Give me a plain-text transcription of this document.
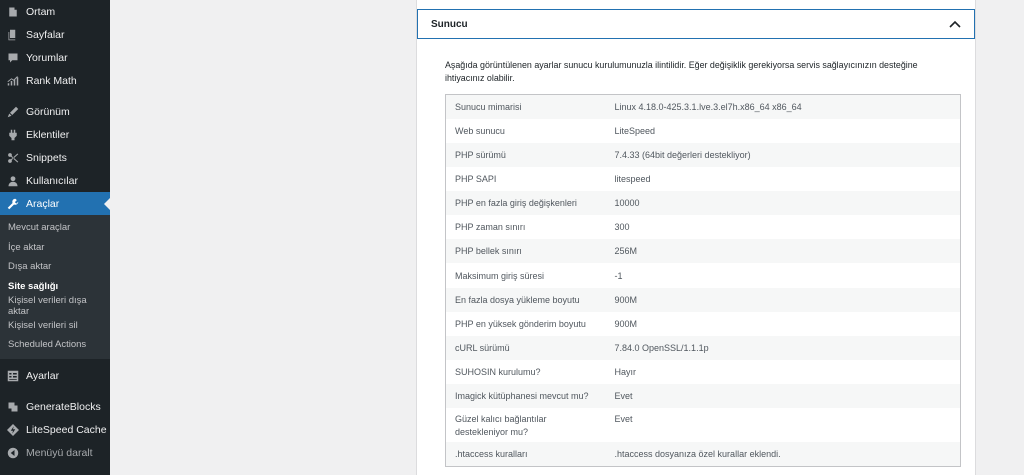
Ortam
Sayfalar
Yorumlar
Rank Math
Görünüm
Eklentiler
Snippets
Kullanıcılar
Araçlar
Mevcut araçlar
İçe aktar
Dışa aktar
Site sağlığı
Kişisel verileri dışa aktar
Kişisel verileri sil
Scheduled Actions
Ayarlar
GenerateBlocks
LiteSpeed Cache
Menüyü daralt
Sunucu

Aşağıda görüntülenen ayarlar sunucu kurulumunuzla ilintilidir. Eğer değişiklik gerekiyorsa servis sağlayıcınızın desteğine ihtiyacınız olabilir.

Sunucu mimarisi	Linux 4.18.0-425.3.1.lve.3.el7h.x86_64 x86_64
Web sunucu	LiteSpeed
PHP sürümü	7.4.33 (64bit değerleri destekliyor)
PHP SAPI	litespeed
PHP en fazla giriş değişkenleri	10000
PHP zaman sınırı	300
PHP bellek sınırı	256M
Maksimum giriş süresi	-1
En fazla dosya yükleme boyutu	900M
PHP en yüksek gönderim boyutu	900M
cURL sürümü	7.84.0 OpenSSL/1.1.1p
SUHOSIN kurulumu?	Hayır
Imagick kütüphanesi mevcut mu?	Evet
Güzel kalıcı bağlantılar destekleniyor mu?	Evet
.htaccess kuralları	.htaccess dosyanıza özel kurallar eklendi.
